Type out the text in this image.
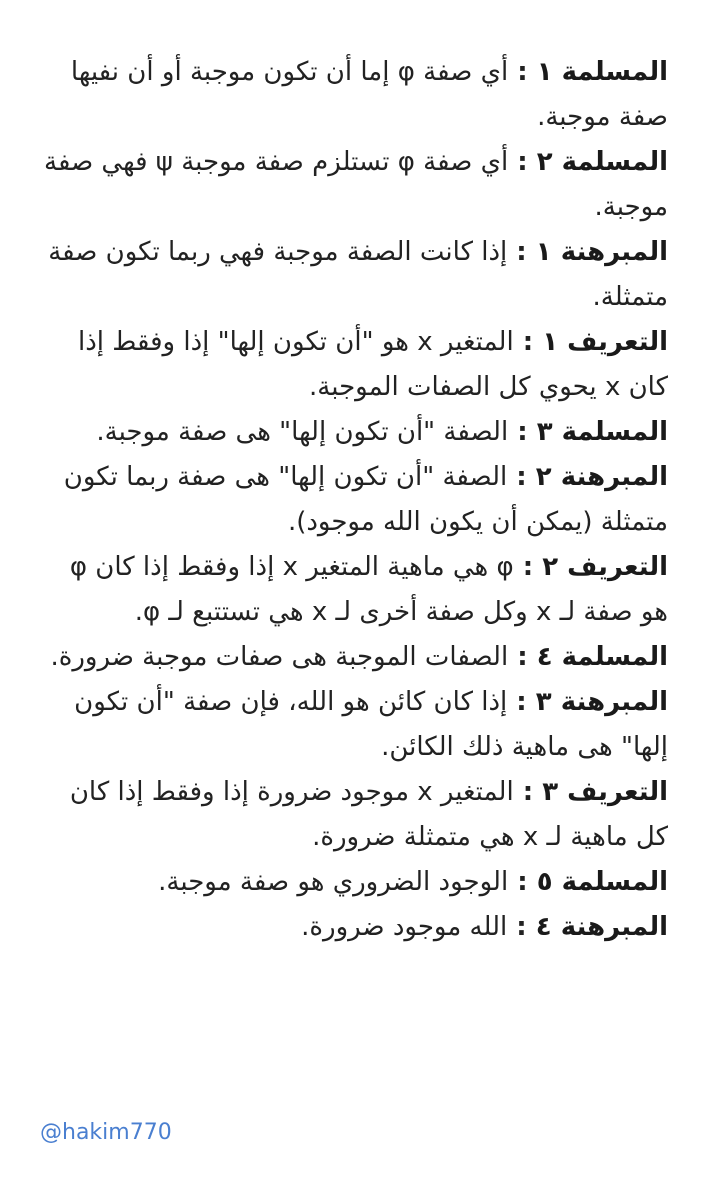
المسلمة ١ : أي صفة φ إما أن تكون موجبة أو أن نفيها صفة موجبة.

المسلمة ٢ : أي صفة φ تستلزم صفة موجبة ψ فهي صفة موجبة.

المبرهنة ١ : إذا كانت الصفة موجبة فهي ربما تكون صفة متمثلة.

التعريف ١ : المتغير x هو "أن تكون إلها" إذا وفقط إذا كان x يحوي كل الصفات الموجبة.

المسلمة ٣ : الصفة "أن تكون إلها" هى صفة موجبة.

المبرهنة ٢ : الصفة "أن تكون إلها" هى صفة ربما تكون متمثلة (يمكن أن يكون الله موجود).

التعريف ٢ : φ هي ماهية المتغير x إذا وفقط إذا كان φ هو صفة لـ x وكل صفة أخرى لـ x هي تستتبع لـ φ.

المسلمة ٤ : الصفات الموجبة هى صفات موجبة ضرورة.

المبرهنة ٣ : إذا كان كائن هو الله، فإن صفة "أن تكون إلها" هى ماهية ذلك الكائن.

التعريف ٣ : المتغير x موجود ضرورة إذا وفقط إذا كان كل ماهية لـ x هي متمثلة ضرورة.

المسلمة ٥ : الوجود الضروري هو صفة موجبة.

المبرهنة ٤ : الله موجود ضرورة.

@hakim770
